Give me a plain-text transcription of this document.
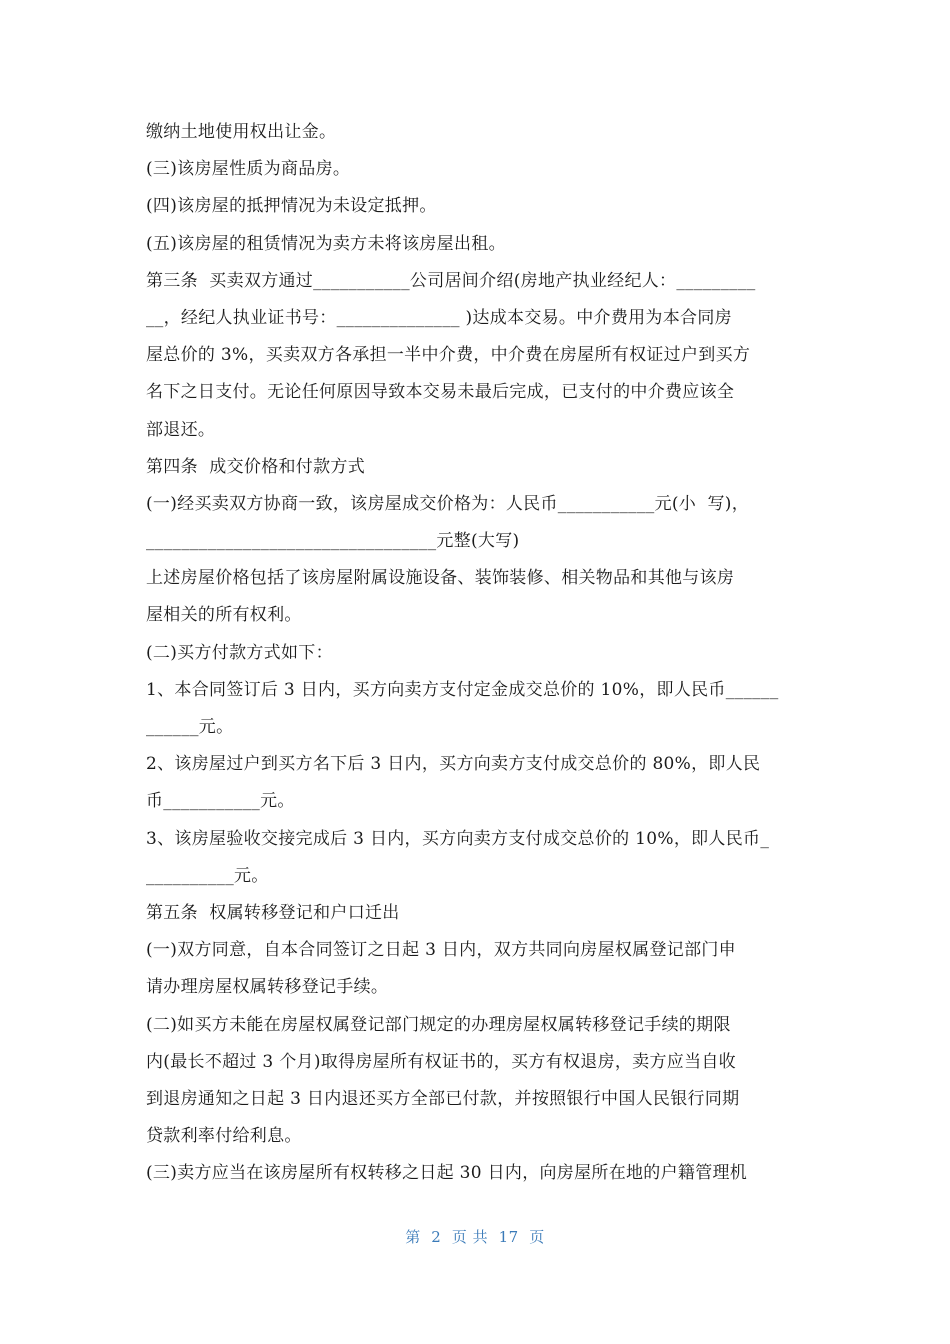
缴纳土地使用权出让金。
(三)该房屋性质为商品房。
(四)该房屋的抵押情况为未设定抵押。
(五)该房屋的租赁情况为卖方未将该房屋出租。
第三条  买卖双方通过___________公司居间介绍(房地产执业经纪人：_________
__，经纪人执业证书号：______________ )达成本交易。中介费用为本合同房
屋总价的 3%，买卖双方各承担一半中介费，中介费在房屋所有权证过户到买方
名下之日支付。无论任何原因导致本交易未最后完成，已支付的中介费应该全
部退还。
第四条  成交价格和付款方式
(一)经买卖双方协商一致，该房屋成交价格为：人民币___________元(小  写)，
_________________________________元整(大写)
上述房屋价格包括了该房屋附属设施设备、装饰装修、相关物品和其他与该房
屋相关的所有权利。
(二)买方付款方式如下：
1、本合同签订后 3 日内，买方向卖方支付定金成交总价的 10%，即人民币______
______元。
2、该房屋过户到买方名下后 3 日内，买方向卖方支付成交总价的 80%，即人民
币___________元。
3、该房屋验收交接完成后 3 日内，买方向卖方支付成交总价的 10%，即人民币_
__________元。
第五条  权属转移登记和户口迁出
(一)双方同意，自本合同签订之日起 3 日内，双方共同向房屋权属登记部门申
请办理房屋权属转移登记手续。
(二)如买方未能在房屋权属登记部门规定的办理房屋权属转移登记手续的期限
内(最长不超过 3 个月)取得房屋所有权证书的，买方有权退房，卖方应当自收
到退房通知之日起 3 日内退还买方全部已付款，并按照银行中国人民银行同期
贷款利率付给利息。
(三)卖方应当在该房屋所有权转移之日起 30 日内，向房屋所在地的户籍管理机
第  2  页 共  17  页
